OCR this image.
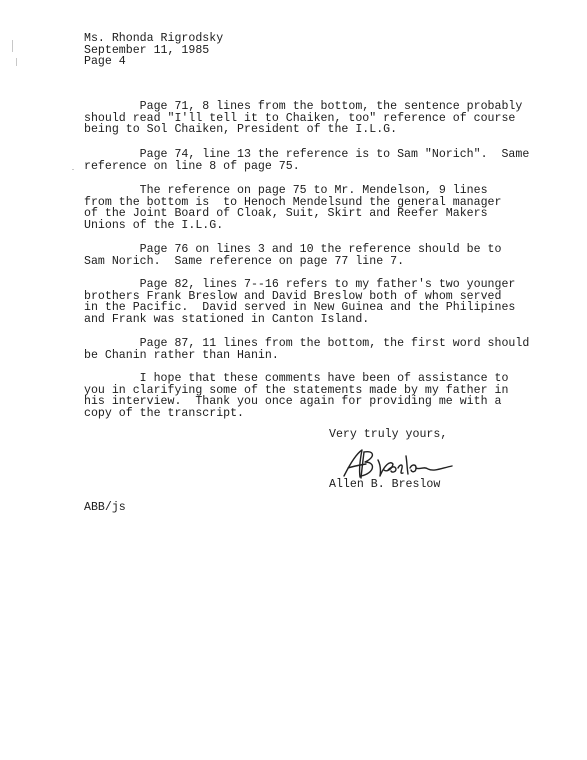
Ms. Rhonda Rigrodsky
September 11, 1985
Page 4
Page 71, 8 lines from the bottom, the sentence probably
should read "I'll tell it to Chaiken, too" reference of course
being to Sol Chaiken, President of the I.L.G.
Page 74, line 13 the reference is to Sam "Norich".  Same
reference on line 8 of page 75.
The reference on page 75 to Mr. Mendelson, 9 lines
from the bottom is  to Henoch Mendelsund the general manager
of the Joint Board of Cloak, Suit, Skirt and Reefer Makers
Unions of the I.L.G.
Page 76 on lines 3 and 10 the reference should be to
Sam Norich.  Same reference on page 77 line 7.
Page 82, lines 7--16 refers to my father's two younger
brothers Frank Breslow and David Breslow both of whom served
in the Pacific.  David served in New Guinea and the Philipines
and Frank was stationed in Canton Island.
Page 87, 11 lines from the bottom, the first word should
be Chanin rather than Hanin.
I hope that these comments have been of assistance to
you in clarifying some of the statements made by my father in
his interview.  Thank you once again for providing me with a
copy of the transcript.
Very truly yours,
Allen B. Breslow
ABB/js
